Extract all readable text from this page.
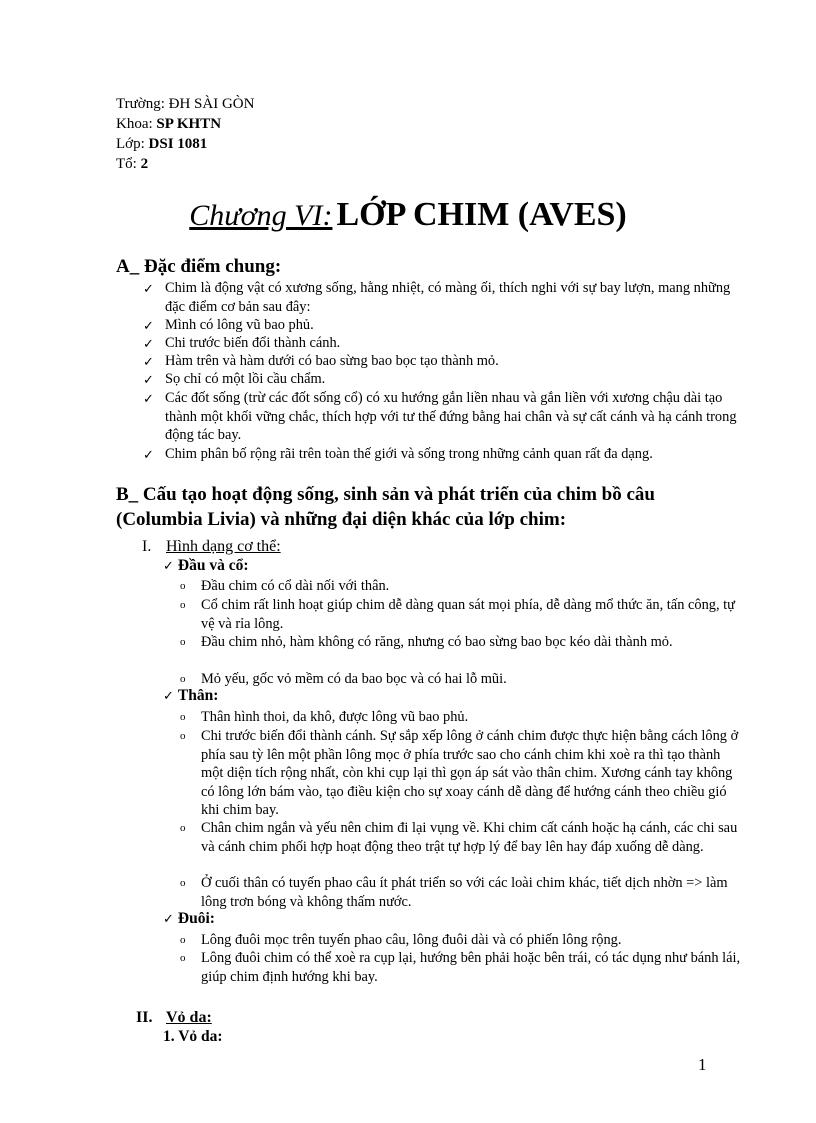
Trường: ĐH SÀI GÒN
Khoa: SP KHTN
Lớp: DSI 1081
Tổ: 2
Chương VI: LỚP CHIM (AVES)
A_ Đặc điểm chung:
✓ Chim là động vật có xương sống, hằng nhiệt, có màng ối, thích nghi với sự bay lượn, mang những đặc điểm cơ bản sau đây:
✓ Mình có lông vũ bao phủ.
✓ Chi trước biến đổi thành cánh.
✓ Hàm trên và hàm dưới có bao sừng bao bọc tạo thành mỏ.
✓ Sọ chỉ có một lồi cầu chẩm.
✓ Các đốt sống (trừ các đốt sống cổ) có xu hướng gắn liền nhau và gắn liền với xương chậu dài tạo thành một khối vững chắc, thích hợp với tư thế đứng bằng hai chân và sự cất cánh và hạ cánh trong động tác bay.
✓ Chim phân bố rộng rãi trên toàn thế giới và sống trong những cảnh quan rất đa dạng.
B_ Cấu tạo hoạt động sống, sinh sản và phát triển của chim bồ câu (Columbia Livia) và những đại diện khác của lớp chim:
I. Hình dạng cơ thể:
✓ Đầu và cổ:
o Đầu chim có cổ dài nối với thân.
o Cổ chim rất linh hoạt giúp chim dễ dàng quan sát mọi phía, dễ dàng mổ thức ăn, tấn công, tự vệ và rỉa lông.
o Đầu chim nhỏ, hàm không có răng, nhưng có bao sừng bao bọc kéo dài thành mỏ.
o Mỏ yếu, gốc vỏ mềm có da bao bọc và có hai lỗ mũi.
✓ Thân:
o Thân hình thoi, da khô, được lông vũ bao phủ.
o Chi trước biến đổi thành cánh. Sự sắp xếp lông ở cánh chim được thực hiện bằng cách lông ở phía sau tỳ lên một phần lông mọc ở phía trước sao cho cánh chim khi xoè ra thì tạo thành một diện tích rộng nhất, còn khi cụp lại thì gọn áp sát vào thân chim. Xương cánh tay không có lông lớn bám vào, tạo điều kiện cho sự xoay cánh dễ dàng để hướng cánh theo chiều gió khi chim bay.
o Chân chim ngắn và yếu nên chim đi lại vụng về. Khi chim cất cánh hoặc hạ cánh, các chi sau và cánh chim phối hợp hoạt động theo trật tự hợp lý để bay lên hay đáp xuống dễ dàng.
o Ở cuối thân có tuyến phao câu ít phát triển so với các loài chim khác, tiết dịch nhờn => làm lông trơn bóng và không thấm nước.
✓ Đuôi:
o Lông đuôi mọc trên tuyến phao câu, lông đuôi dài và có phiến lông rộng.
o Lông đuôi chim có thể xoè ra cụp lại, hướng bên phải hoặc bên trái, có tác dụng như bánh lái, giúp chim định hướng khi bay.
II. Vỏ da:
1. Vỏ da:
1
